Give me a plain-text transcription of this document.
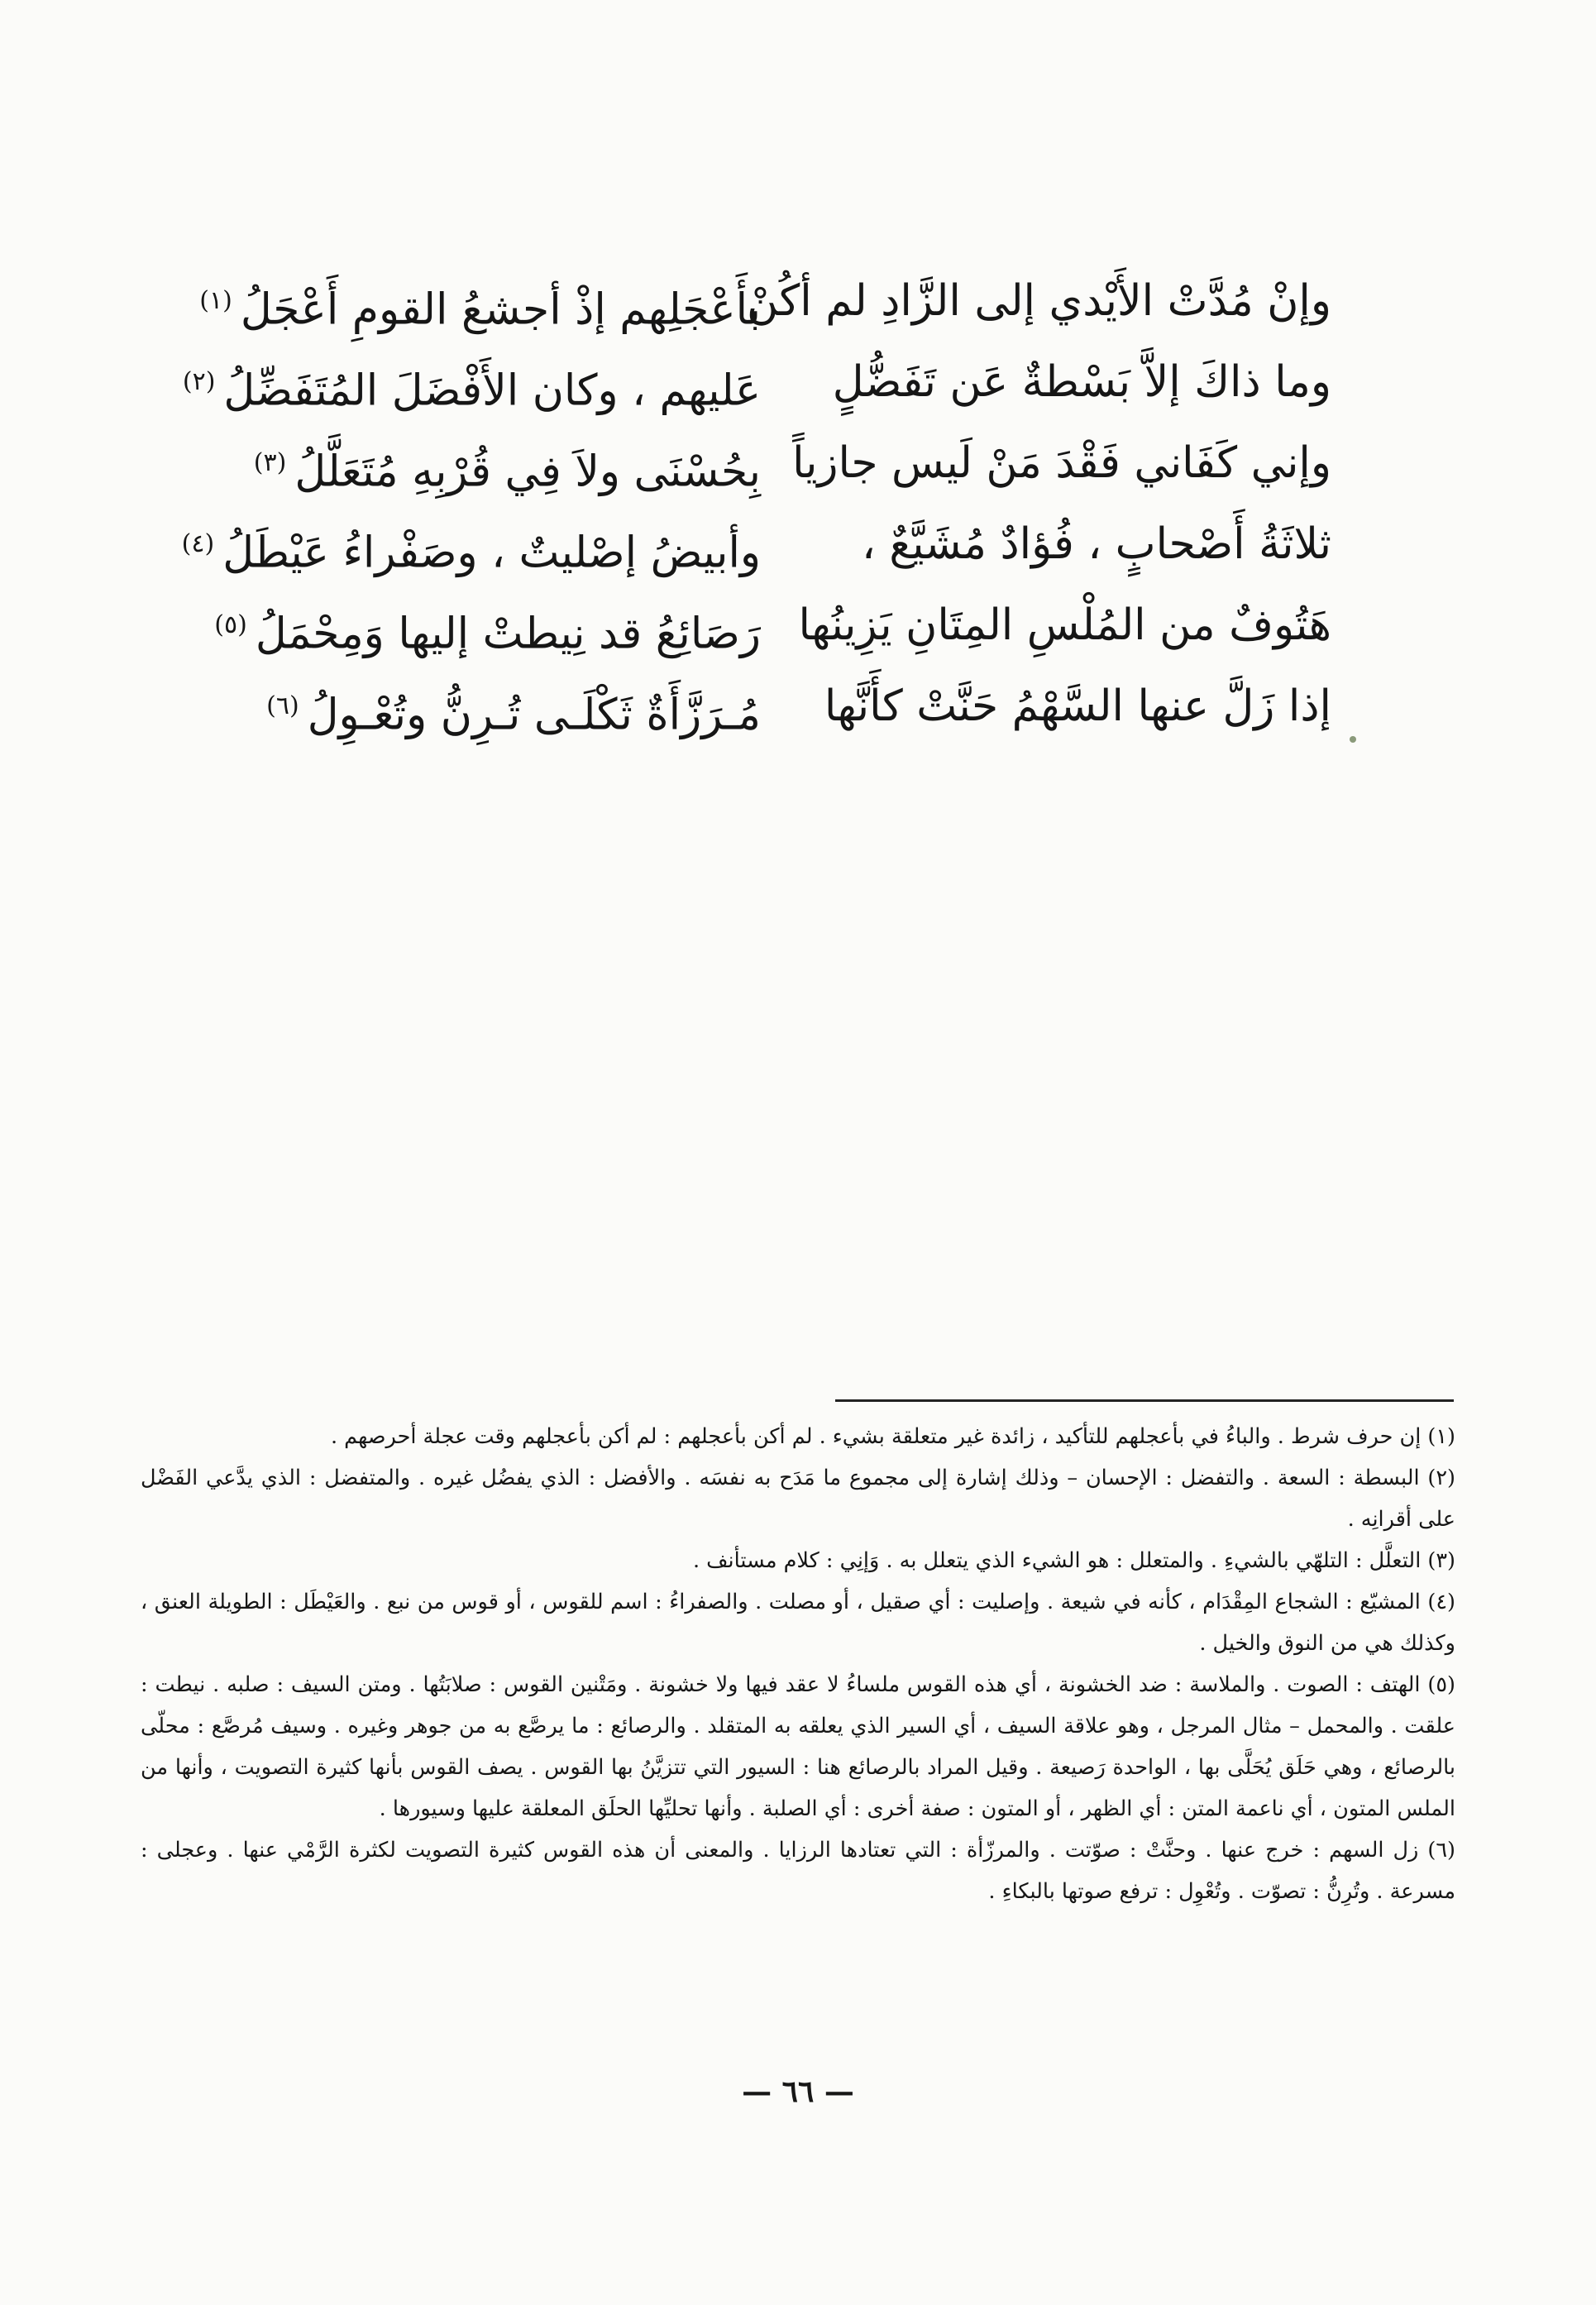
وإنْ مُدَّتْ الأَيْدي إلى الزَّادِ لم أكُنْ
بأَعْجَلِهم إذْ أجشعُ القومِ أَعْجَلُ$^{(١)}$
وما ذاكَ إلاَّ بَسْطةٌ عَن تَفَضُّلٍ
عَليهم ، وكان الأَفْضَلَ المُتَفَضِّلُ$^{(٢)}$
وإني كَفَاني فَقْدَ مَنْ لَيس جازياً
بِحُسْنَى ولاَ فِي قُرْبِهِ مُتَعَلَّلُ$^{(٣)}$
ثلاثَةُ أَصْحابٍ ، فُؤادٌ مُشَيَّعٌ ،
وأبيضُ إصْليتٌ ، وصَفْراءُ عَيْطَلُ$^{(٤)}$
هَتُوفٌ من المُلْسِ المِتَانِ يَزِينُها
رَصَائِعُ قد نِيطتْ إليها وَمِحْمَلُ$^{(٥)}$
إذا زَلَّ عنها السَّهْمُ حَنَّتْ كأَنَّها
مُـرَزَّأَةٌ ثَكْلَـى تُـرِنُّ وتُعْـوِلُ$^{(٦)}$

(١) إن حرف شرط . والباءُ في بأعجلهم للتأكيد ، زائدة غير متعلقة بشيء . لم أكن بأعجلهم : لم أكن بأعجلهم وقت عجلة أحرصهم .

(٢) البسطة : السعة . والتفضل : الإحسان – وذلك إشارة إلى مجموع ما مَدَح به نفسَه . والأفضل : الذي يفضُل غيره . والمتفضل : الذي يدَّعي الفَضْل على أقرانِه .

(٣) التعلَّل : التلهّي بالشيءِ . والمتعلل : هو الشيء الذي يتعلل به . وَإنِي : كلام مستأنف .

(٤) المشيّع : الشجاع المِقْدَام ، كأنه في شيعة . وإصليت : أي صقيل ، أو مصلت . والصفراءُ : اسم للقوس ، أو قوس من نبع . والعَيْطَل : الطويلة العنق ، وكذلك هي من النوق والخيل .

(٥) الهتف : الصوت . والملاسة : ضد الخشونة ، أي هذه القوس ملساءُ لا عقد فيها ولا خشونة . ومَتْنين القوس : صلابَتُها . ومتن السيف : صلبه . نيطت : علقت . والمحمل – مثال المرجل ، وهو علاقة السيف ، أي السير الذي يعلقه به المتقلد . والرصائع : ما يرصَّع به من جوهر وغيره . وسيف مُرصَّع : محلّى بالرصائع ، وهي حَلَق يُحَلَّى بها ، الواحدة رَصيعة . وقيل المراد بالرصائع هنا : السيور التي تتزيَّنُ بها القوس . يصف القوس بأنها كثيرة التصويت ، وأنها من الملس المتون ، أي ناعمة المتن : أي الظهر ، أو المتون : صفة أخرى : أي الصلبة . وأنها تحليِّها الحلَق المعلقة عليها وسيورها .

(٦) زل السهم : خرج عنها . وحنَّتْ : صوّتت . والمرزّأة : التي تعتادها الرزايا . والمعنى أن هذه القوس كثيرة التصويت لكثرة الرَّمْي عنها . وعجلى : مسرعة . وتُرِنُّ : تصوّت . وتُعْوِل : ترفع صوتها بالبكاءِ .

— ٦٦ —
